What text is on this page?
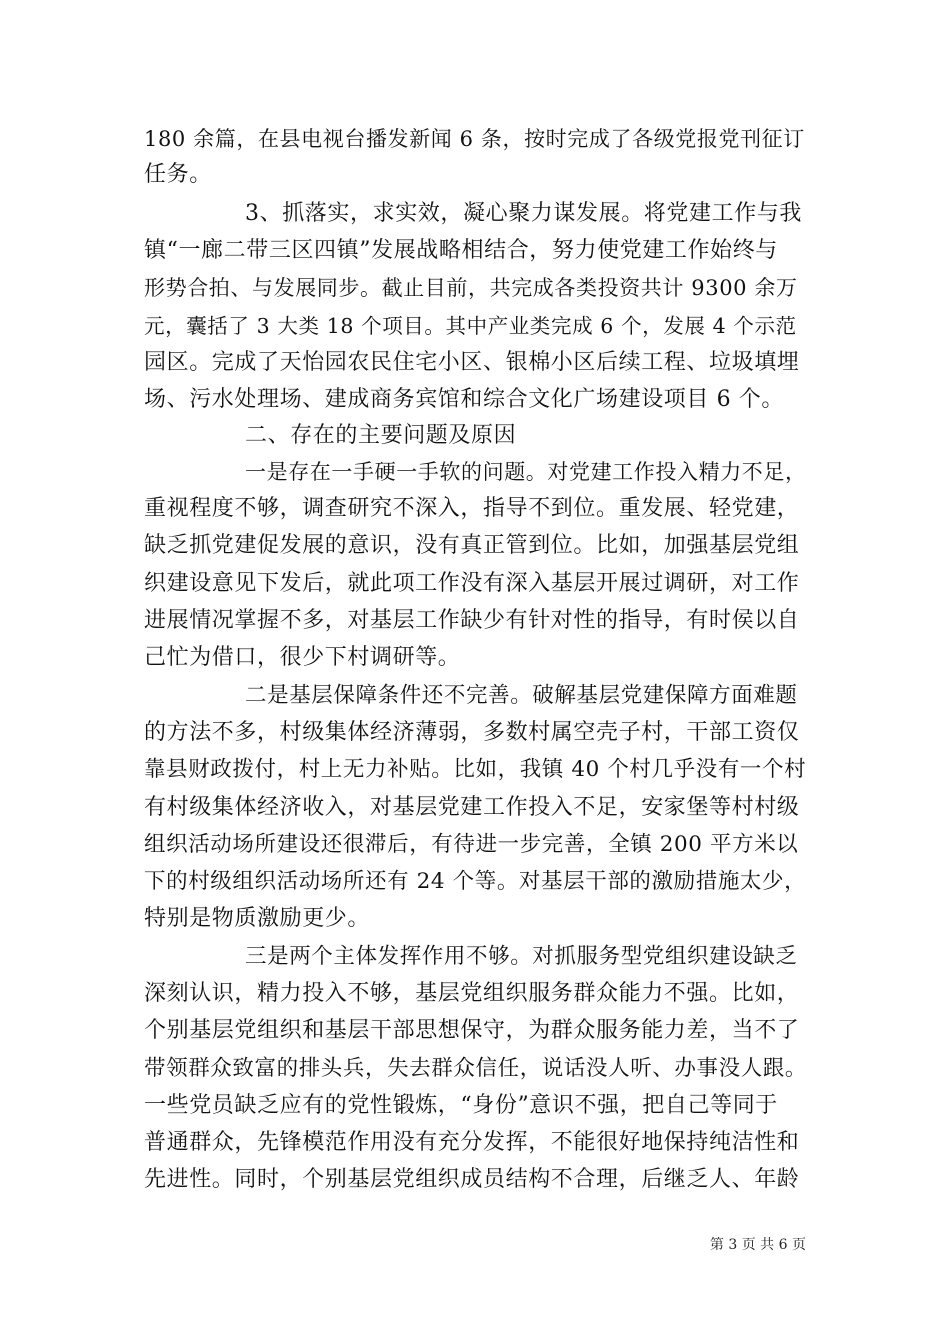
180 余篇，在县电视台播发新闻 6 条，按时完成了各级党报党刊征订
任务。
3、抓落实，求实效，凝心聚力谋发展。将党建工作与我
镇“一廊二带三区四镇”发展战略相结合，努力使党建工作始终与
形势合拍、与发展同步。截止目前，共完成各类投资共计 9300 余万
元，囊括了 3 大类 18 个项目。其中产业类完成 6 个，发展 4 个示范
园区。完成了天怡园农民住宅小区、银棉小区后续工程、垃圾填埋
场、污水处理场、建成商务宾馆和综合文化广场建设项目 6 个。
二、存在的主要问题及原因
一是存在一手硬一手软的问题。对党建工作投入精力不足，
重视程度不够，调查研究不深入，指导不到位。重发展、轻党建，
缺乏抓党建促发展的意识，没有真正管到位。比如，加强基层党组
织建设意见下发后，就此项工作没有深入基层开展过调研，对工作
进展情况掌握不多，对基层工作缺少有针对性的指导，有时侯以自
己忙为借口，很少下村调研等。
二是基层保障条件还不完善。破解基层党建保障方面难题
的方法不多，村级集体经济薄弱，多数村属空壳子村，干部工资仅
靠县财政拨付，村上无力补贴。比如，我镇 40 个村几乎没有一个村
有村级集体经济收入，对基层党建工作投入不足，安家堡等村村级
组织活动场所建设还很滞后，有待进一步完善，全镇 200 平方米以
下的村级组织活动场所还有 24 个等。对基层干部的激励措施太少，
特别是物质激励更少。
三是两个主体发挥作用不够。对抓服务型党组织建设缺乏
深刻认识，精力投入不够，基层党组织服务群众能力不强。比如，
个别基层党组织和基层干部思想保守，为群众服务能力差，当不了
带领群众致富的排头兵，失去群众信任，说话没人听、办事没人跟。
一些党员缺乏应有的党性锻炼，“身份”意识不强，把自己等同于
普通群众，先锋模范作用没有充分发挥，不能很好地保持纯洁性和
先进性。同时，个别基层党组织成员结构不合理，后继乏人、年龄
第 3 页 共 6 页
